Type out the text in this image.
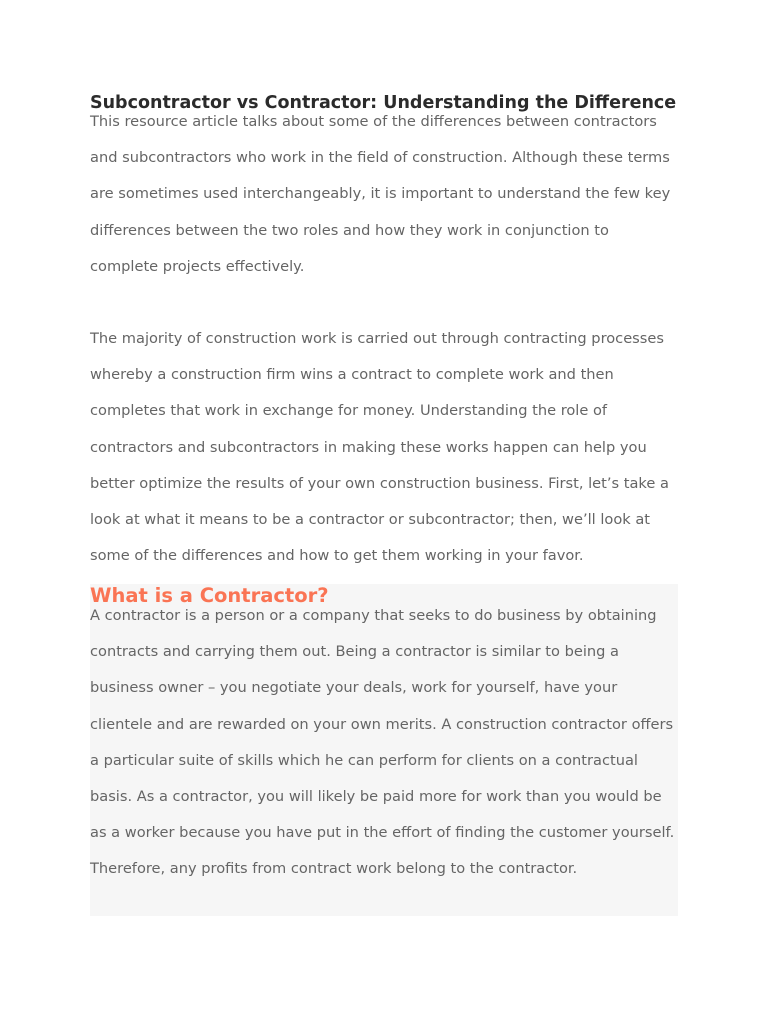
Subcontractor vs Contractor: Understanding the Difference

This resource article talks about some of the differences between contractors and subcontractors who work in the field of construction. Although these terms are sometimes used interchangeably, it is important to understand the few key differences between the two roles and how they work in conjunction to complete projects effectively.

The majority of construction work is carried out through contracting processes whereby a construction firm wins a contract to complete work and then completes that work in exchange for money. Understanding the role of contractors and subcontractors in making these works happen can help you better optimize the results of your own construction business. First, let’s take a look at what it means to be a contractor or subcontractor; then, we’ll look at some of the differences and how to get them working in your favor.

What is a Contractor?

A contractor is a person or a company that seeks to do business by obtaining contracts and carrying them out. Being a contractor is similar to being a business owner – you negotiate your deals, work for yourself, have your clientele and are rewarded on your own merits. A construction contractor offers a particular suite of skills which he can perform for clients on a contractual basis. As a contractor, you will likely be paid more for work than you would be as a worker because you have put in the effort of finding the customer yourself. Therefore, any profits from contract work belong to the contractor.
